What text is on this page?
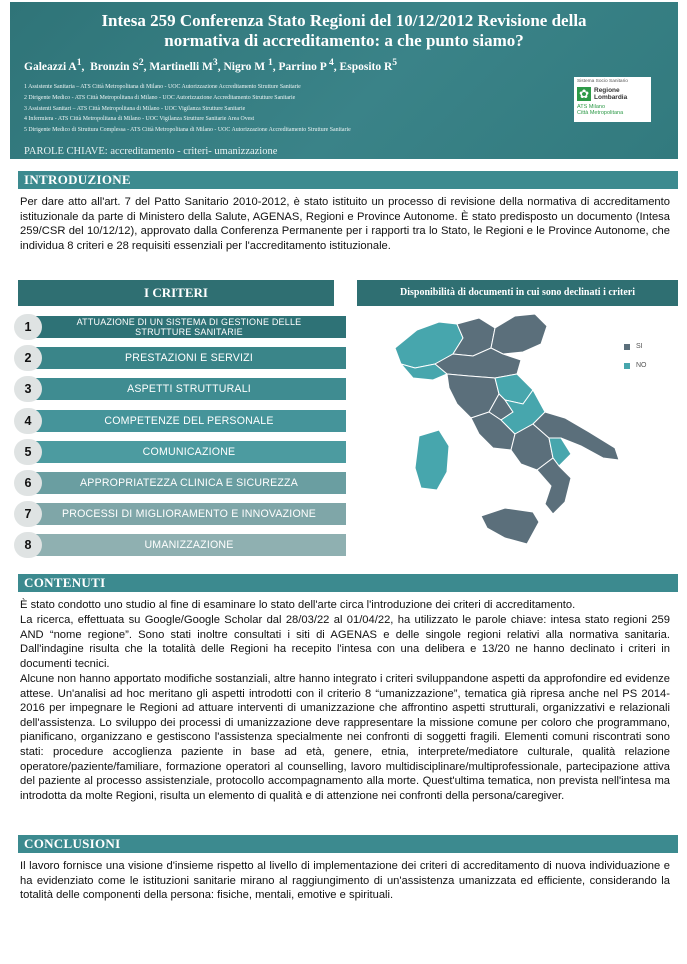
Intesa 259 Conferenza Stato Regioni del 10/12/2012 Revisione della
normativa di accreditamento: a che punto siamo?
Galeazzi $A^1$,  Bronzin $S^2$, Martinelli $M^3$, Nigro M $^1$, Parrino P $^4$, Esposito $R^5$
1 Assistente Sanitaria – ATS Città Metropolitana di Milano - UOC Autorizzazione Accreditamento Strutture Sanitarie
2 Dirigente Medico - ATS Città Metropolitana di Milano - UOC Autorizzazione Accreditamento Strutture Sanitarie
3 Assistenti Sanitari – ATS Città Metropolitana di Milano - UOC Vigilanza Strutture Sanitarie
4 Infermiera - ATS Città Metropolitana di Milano - UOC Vigilanza Strutture Sanitarie Area Ovest
5 Dirigente Medico di Struttura Complessa - ATS Città Metropolitana di Milano - UOC Autorizzazione Accreditamento Strutture Sanitarie
Sistema Socio Sanitario
✿ Regione
Lombardia
ATS Milano
Città Metropolitana
PAROLE CHIAVE: accreditamento - criteri- umanizzazione
INTRODUZIONE

Per dare atto all'art. 7 del Patto Sanitario 2010-2012, è stato istituito un processo di revisione della normativa di accreditamento istituzionale da parte di Ministero della Salute, AGENAS, Regioni e Province Autonome. È stato predisposto un documento (Intesa 259/CSR del 10/12/12), approvato dalla Conferenza Permanente per i rapporti tra lo Stato, le Regioni e le Province Autonome, che individua 8 criteri e 28 requisiti essenziali per l'accreditamento istituzionale.

I CRITERI
1	ATTUAZIONE DI UN SISTEMA DI GESTIONE DELLE
STRUTTURE SANITARIE
2	PRESTAZIONI E SERVIZI
3	ASPETTI STRUTTURALI
4	COMPETENZE DEL PERSONALE
5	COMUNICAZIONE
6	APPROPRIATEZZA CLINICA E SICUREZZA
7	PROCESSI DI MIGLIORAMENTO E INNOVAZIONE
8	UMANIZZAZIONE
Disponibilità di documenti in cui sono declinati i criteri
SI
NO
CONTENUTI

È stato condotto uno studio al fine di esaminare lo stato dell'arte circa l'introduzione dei criteri di accreditamento.

La ricerca, effettuata su Google/Google Scholar dal 28/03/22 al 01/04/22, ha utilizzato le parole chiave: intesa stato regioni 259 AND “nome regione”. Sono stati inoltre consultati i siti di AGENAS e delle singole regioni relativi alla normativa sanitaria. Dall'indagine risulta che la totalità delle Regioni ha recepito l'intesa con una delibera e 13/20 ne hanno declinato i criteri in documenti tecnici.

Alcune non hanno apportato modifiche sostanziali, altre hanno integrato i criteri sviluppandone aspetti da approfondire ed evidenze attese. Un'analisi ad hoc meritano gli aspetti introdotti con il criterio 8 “umanizzazione”, tematica già ripresa anche nel PS 2014-2016 per impegnare le Regioni ad attuare interventi di umanizzazione che affrontino aspetti strutturali, organizzativi e relazionali dell'assistenza. Lo sviluppo dei processi di umanizzazione deve rappresentare la missione comune per coloro che programmano, pianificano, organizzano e gestiscono l'assistenza specialmente nei confronti di soggetti fragili. Elementi comuni riscontrati sono stati: procedure accoglienza paziente in base ad età, genere, etnia, interprete/mediatore culturale, qualità relazione operatore/paziente/familiare, formazione operatori al counselling, lavoro multidisciplinare/multiprofessionale, partecipazione attiva del paziente al processo assistenziale, protocollo accompagnamento alla morte. Quest'ultima tematica, non prevista nell'intesa ma introdotta da molte Regioni, risulta un elemento di qualità e di attenzione nei confronti della persona/caregiver.

CONCLUSIONI

Il lavoro fornisce una visione d'insieme rispetto al livello di implementazione dei criteri di accreditamento di nuova individuazione e ha evidenziato come le istituzioni sanitarie mirano al raggiungimento di un'assistenza umanizzata ed efficiente, considerando la totalità delle componenti della persona: fisiche, mentali, emotive e spirituali.
